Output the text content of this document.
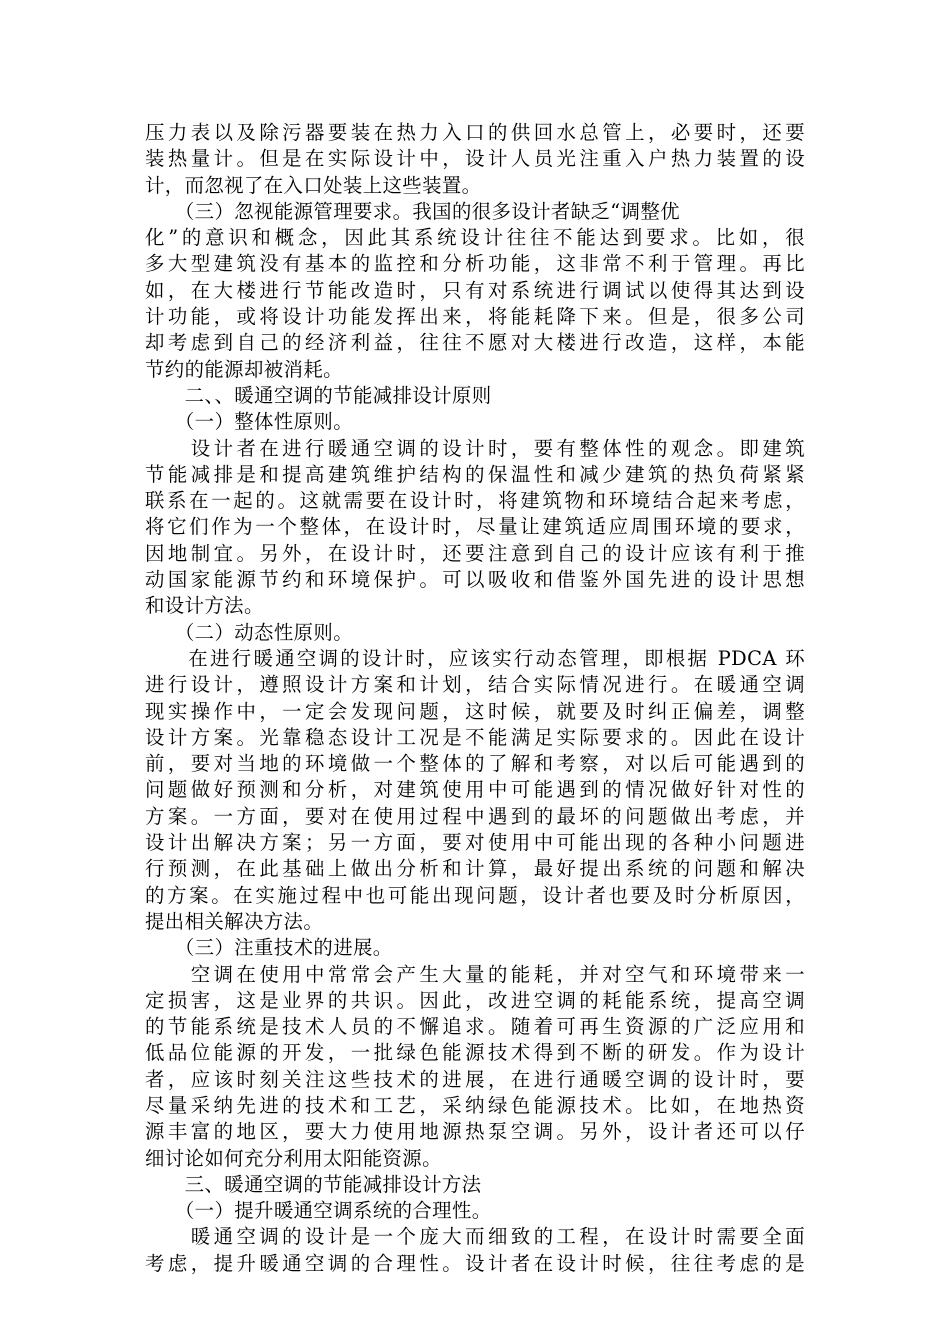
压力表以及除污器要装在热力入口的供回水总管上，必要时，还要
装热量计。但是在实际设计中，设计人员光注重入户热力装置的设
计，而忽视了在入口处装上这些装置。
　　（三）忽视能源管理要求。我国的很多设计者缺乏“调整优
化”的意识和概念，因此其系统设计往往不能达到要求。比如，很
多大型建筑没有基本的监控和分析功能，这非常不利于管理。再比
如，在大楼进行节能改造时，只有对系统进行调试以使得其达到设
计功能，或将设计功能发挥出来，将能耗降下来。但是，很多公司
却考虑到自己的经济利益，往往不愿对大楼进行改造，这样，本能
节约的能源却被消耗。
　　二、、暖通空调的节能减排设计原则
　　（一）整体性原则。
　　设计者在进行暖通空调的设计时，要有整体性的观念。即建筑
节能减排是和提高建筑维护结构的保温性和减少建筑的热负荷紧紧
联系在一起的。这就需要在设计时，将建筑物和环境结合起来考虑，
将它们作为一个整体，在设计时，尽量让建筑适应周围环境的要求，
因地制宜。另外，在设计时，还要注意到自己的设计应该有利于推
动国家能源节约和环境保护。可以吸收和借鉴外国先进的设计思想
和设计方法。
　　（二）动态性原则。
　　在进行暖通空调的设计时，应该实行动态管理，即根据 PDCA 环
进行设计，遵照设计方案和计划，结合实际情况进行。在暖通空调
现实操作中，一定会发现问题，这时候，就要及时纠正偏差，调整
设计方案。光靠稳态设计工况是不能满足实际要求的。因此在设计
前，要对当地的环境做一个整体的了解和考察，对以后可能遇到的
问题做好预测和分析，对建筑使用中可能遇到的情况做好针对性的
方案。一方面，要对在使用过程中遇到的最坏的问题做出考虑，并
设计出解决方案；另一方面，要对使用中可能出现的各种小问题进
行预测，在此基础上做出分析和计算，最好提出系统的问题和解决
的方案。在实施过程中也可能出现问题，设计者也要及时分析原因，
提出相关解决方法。
　　（三）注重技术的进展。
　　空调在使用中常常会产生大量的能耗，并对空气和环境带来一
定损害，这是业界的共识。因此，改进空调的耗能系统，提高空调
的节能系统是技术人员的不懈追求。随着可再生资源的广泛应用和
低品位能源的开发，一批绿色能源技术得到不断的研发。作为设计
者，应该时刻关注这些技术的进展，在进行通暖空调的设计时，要
尽量采纳先进的技术和工艺，采纳绿色能源技术。比如，在地热资
源丰富的地区，要大力使用地源热泵空调。另外，设计者还可以仔
细讨论如何充分利用太阳能资源。
　　三、暖通空调的节能减排设计方法
　　（一）提升暖通空调系统的合理性。
　　暖通空调的设计是一个庞大而细致的工程，在设计时需要全面
考虑，提升暖通空调的合理性。设计者在设计时候，往往考虑的是
